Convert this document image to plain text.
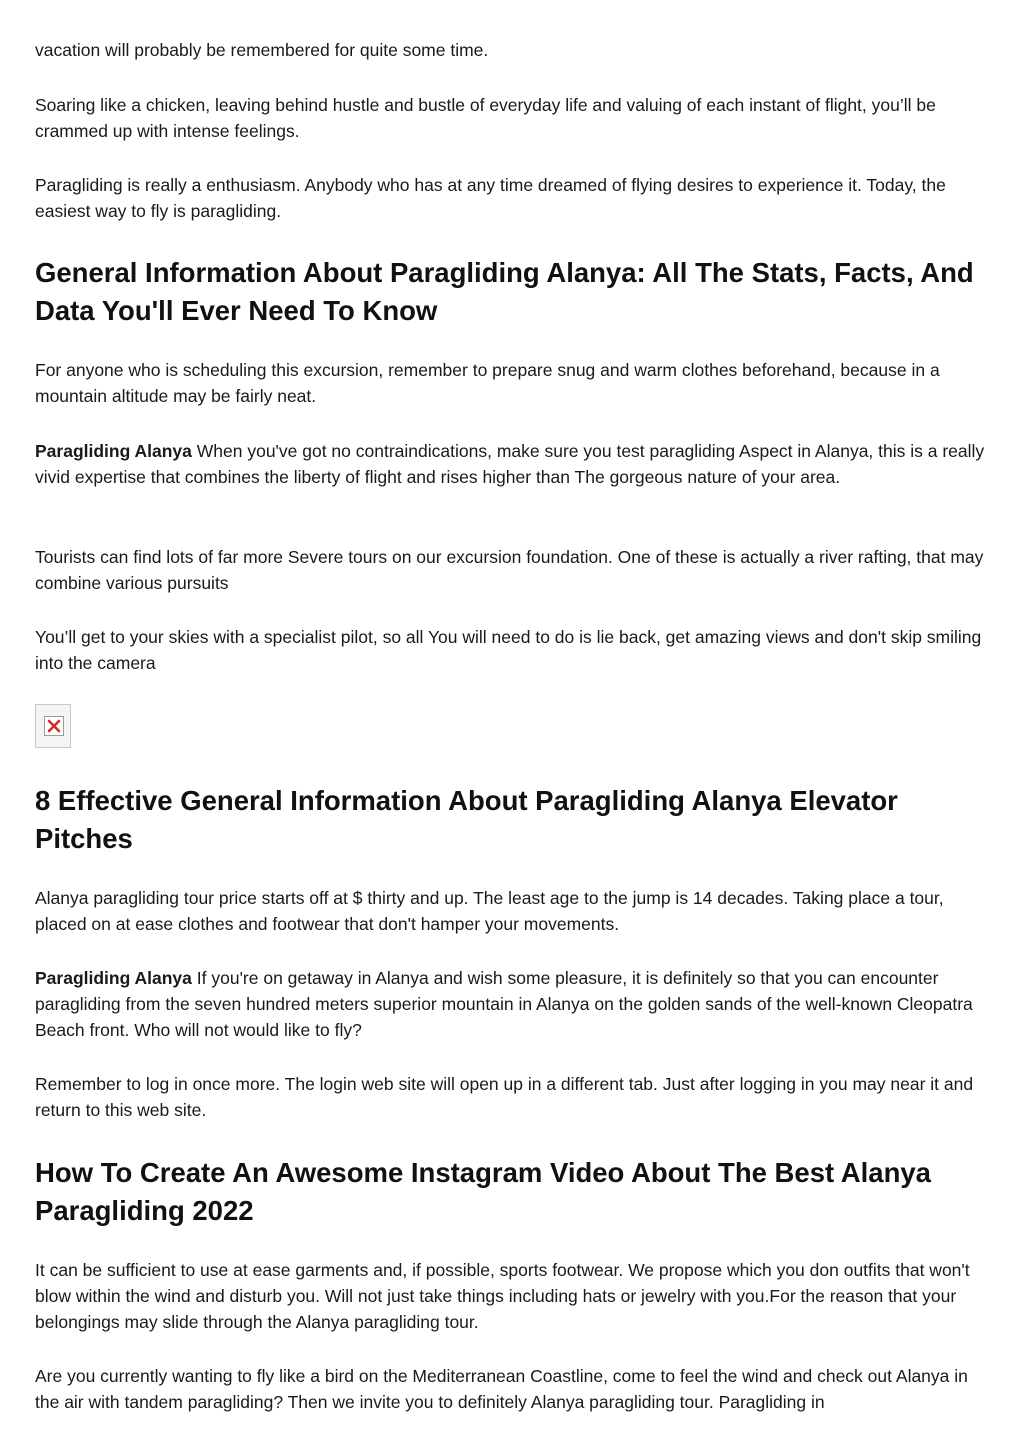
vacation will probably be remembered for quite some time.

Soaring like a chicken, leaving behind hustle and bustle of everyday life and valuing of each instant of flight, you’ll be crammed up with intense feelings.

Paragliding is really a enthusiasm. Anybody who has at any time dreamed of flying desires to experience it. Today, the easiest way to fly is paragliding.

General Information About Paragliding Alanya: All The Stats, Facts, And Data You'll Ever Need To Know

For anyone who is scheduling this excursion, remember to prepare snug and warm clothes beforehand, because in a mountain altitude may be fairly neat.

Paragliding Alanya When you've got no contraindications, make sure you test paragliding Aspect in Alanya, this is a really vivid expertise that combines the liberty of flight and rises higher than The gorgeous nature of your area.

Tourists can find lots of far more Severe tours on our excursion foundation. One of these is actually a river rafting, that may combine various pursuits

You’ll get to your skies with a specialist pilot, so all You will need to do is lie back, get amazing views and don't skip smiling into the camera

8 Effective General Information About Paragliding Alanya Elevator Pitches

Alanya paragliding tour price starts off at $ thirty and up. The least age to the jump is 14 decades. Taking place a tour, placed on at ease clothes and footwear that don't hamper your movements.

Paragliding Alanya If you're on getaway in Alanya and wish some pleasure, it is definitely so that you can encounter paragliding from the seven hundred meters superior mountain in Alanya on the golden sands of the well-known Cleopatra Beach front. Who will not would like to fly?

Remember to log in once more. The login web site will open up in a different tab. Just after logging in you may near it and return to this web site.

How To Create An Awesome Instagram Video About The Best Alanya Paragliding 2022

It can be sufficient to use at ease garments and, if possible, sports footwear. We propose which you don outfits that won't blow within the wind and disturb you. Will not just take things including hats or jewelry with you.For the reason that your belongings may slide through the Alanya paragliding tour.

Are you currently wanting to fly like a bird on the Mediterranean Coastline, come to feel the wind and check out Alanya in the air with tandem paragliding? Then we invite you to definitely Alanya paragliding tour. Paragliding in
